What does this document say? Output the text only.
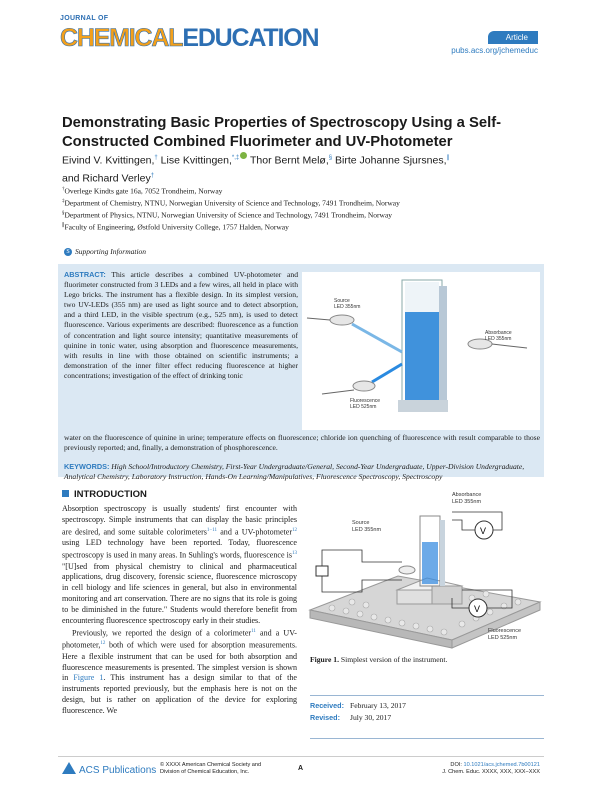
JOURNAL OF
CHEMICALEDUCATION	Article
pubs.acs.org/jchemeduc
Demonstrating Basic Properties of Spectroscopy Using a Self-Constructed Combined Fluorimeter and UV-Photometer
Eivind V. Kvittingen,† Lise Kvittingen,*,‡ Thor Bernt Melø,§ Birte Johanne Sjursnes,∥
and Richard Verley†
†Overlege Kindts gate 16a, 7052 Trondheim, Norway
‡Department of Chemistry, NTNU, Norwegian University of Science and Technology, 7491 Trondheim, Norway
§Department of Physics, NTNU, Norwegian University of Science and Technology, 7491 Trondheim, Norway
∥Faculty of Engineering, Østfold University College, 1757 Halden, Norway
S Supporting Information
ABSTRACT: This article describes a combined UV-photometer and fluorimeter constructed from 3 LEDs and a few wires, all held in place with Lego bricks. The instrument has a flexible design. In its simplest version, two UV-LEDs (355 nm) are used as light source and to detect absorption, and a third LED, in the visible spectrum (e.g., 525 nm), is used to detect fluorescence. Various experiments are described: fluorescence as a function of concentration and light source intensity; quantitative measurements of quinine in tonic water, using absorption and fluorescence measurements, with results in line with those obtained on scientific instruments; a demonstration of the inner filter effect reducing fluorescence at higher concentrations; investigation of the effect of drinking tonic
Source
LED 355nm
Absorbance
LED 355nm
Fluorescence
LED 525nm
water on the fluorescence of quinine in urine; temperature effects on fluorescence; chloride ion quenching of fluorescence with result comparable to those previously reported; and, finally, a demonstration of phosphorescence.
KEYWORDS: High School/Introductory Chemistry, First-Year Undergraduate/General, Second-Year Undergraduate, Upper-Division Undergraduate, Analytical Chemistry, Laboratory Instruction, Hands-On Learning/Manipulatives, Fluorescence Spectroscopy, Spectroscopy
INTRODUCTION

Absorption spectroscopy is usually students' first encounter with spectroscopy. Simple instruments that can display the basic principles are desired, and some suitable colorimeters$^{1-11}$ and a UV-photometer$^{12}$ using LED technology have been reported. Today, fluorescence spectroscopy is used in many areas. In Suhling's words, fluorescence $is^{13}$ "[U]sed from physical chemistry to clinical and pharmaceutical applications, drug discovery, forensic science, fluorescence microscopy in cell biology and life sciences in general, but also in environmental monitoring and art conservation. There are no signs that its role is going to be diminished in the future." Students would therefore benefit from encountering fluorescence spectroscopy early in their studies.

Previously, we reported the design of a colorimeter$^{11}$ and a UV-photometer,$^{12}$ both of which were used for absorption measurements. Here a flexible instrument that can be used for both absorption and fluorescence measurements is presented. The simplest version is shown in Figure 1. This instrument has a design similar to that of the instruments reported previously, but the emphasis here is not on the design, but is rather on application of the device for exploring fluorescence. We

V
V
Absorbance
LED 355nm
Source
LED 355nm
Fluorescence
LED 525nm
Figure 1. Simplest version of the instrument.
Received: February 13, 2017
Revised: July 30, 2017
ACS Publications © XXXX American Chemical Society and
Division of Chemical Education, Inc.	A	DOI: 10.1021/acs.jchemed.7b00121
J. Chem. Educ. XXXX, XXX, XXX−XXX
